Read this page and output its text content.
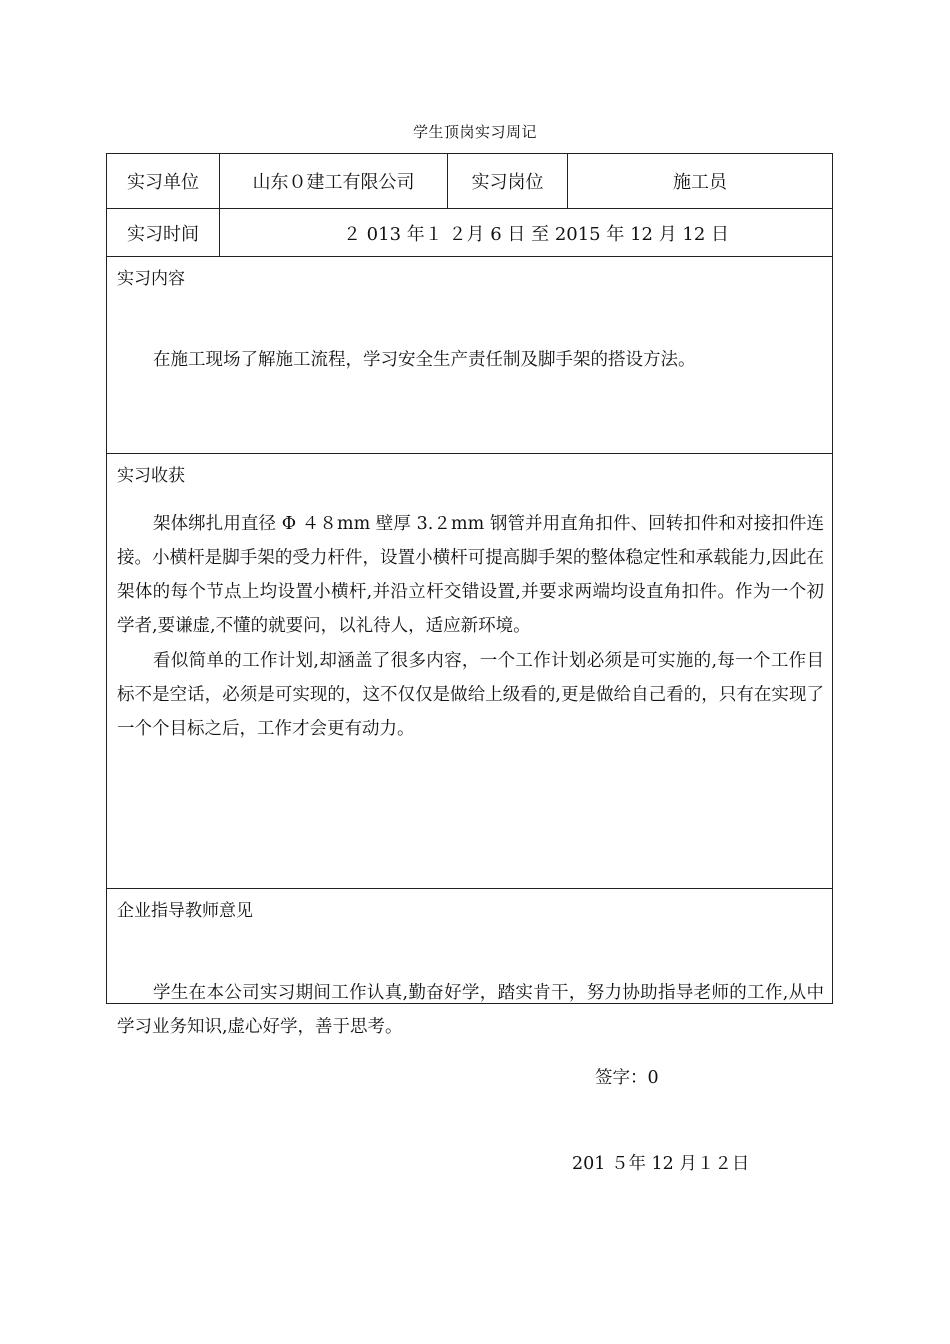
学生顶岗实习周记
实习单位	山东０建工有限公司	实习岗位	施工员
实习时间	２ 013 年１ ２月 6 日 至 2015 年 12 月 12 日
实习内容

在施工现场了解施工流程，学习安全生产责任制及脚手架的搭设方法。

实习收获

架体绑扎用直径 Φ ４８mm 壁厚 3.２mm 钢管并用直角扣件、回转扣件和对接扣件连接。小横杆是脚手架的受力杆件，设置小横杆可提高脚手架的整体稳定性和承载能力,因此在架体的每个节点上均设置小横杆,并沿立杆交错设置,并要求两端均设直角扣件。作为一个初学者,要谦虚,不懂的就要问，以礼待人，适应新环境。

看似简单的工作计划,却涵盖了很多内容，一个工作计划必须是可实施的,每一个工作目标不是空话，必须是可实现的，这不仅仅是做给上级看的,更是做给自己看的，只有在实现了一个个目标之后，工作才会更有动力。

企业指导教师意见

学生在本公司实习期间工作认真,勤奋好学，踏实肯干，努力协助指导老师的工作,从中学习业务知识,虚心好学，善于思考。

签字：0
201 ５年 12 月１２日
